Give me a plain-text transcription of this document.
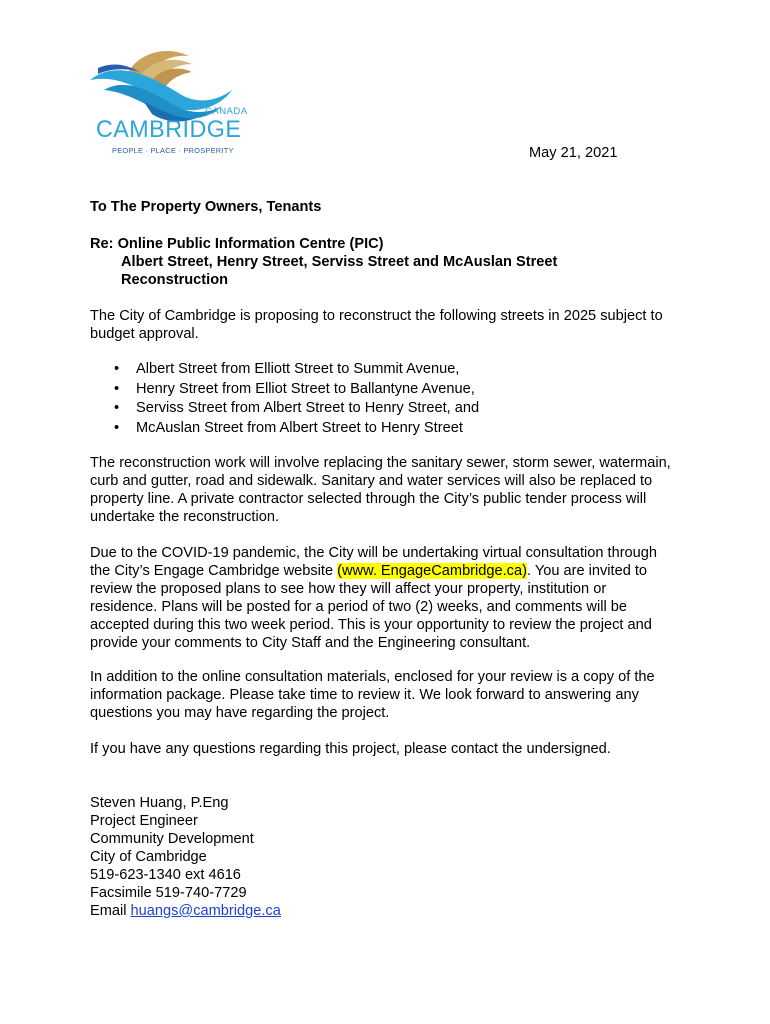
CANADA
CAMBRIDGE
PEOPLE · PLACE · PROSPERITY	May 21, 2021
To The Property Owners, Tenants
Re: Online Public Information Centre (PIC)
Albert Street, Henry Street, Serviss Street and McAuslan Street
Reconstruction
The City of Cambridge is proposing to reconstruct the following streets in 2025 subject to budget approval.
• Albert Street from Elliott Street to Summit Avenue,
• Henry Street from Elliot Street to Ballantyne Avenue,
• Serviss Street from Albert Street to Henry Street, and
• McAuslan Street from Albert Street to Henry Street
The reconstruction work will involve replacing the sanitary sewer, storm sewer, watermain, curb and gutter, road and sidewalk. Sanitary and water services will also be replaced to property line. A private contractor selected through the City’s public tender process will undertake the reconstruction.
Due to the COVID-19 pandemic, the City will be undertaking virtual consultation through the City’s Engage Cambridge website (www. EngageCambridge.ca). You are invited to review the proposed plans to see how they will affect your property, institution or residence. Plans will be posted for a period of two (2) weeks, and comments will be accepted during this two week period. This is your opportunity to review the project and provide your comments to City Staff and the Engineering consultant.
In addition to the online consultation materials, enclosed for your review is a copy of the information package. Please take time to review it. We look forward to answering any questions you may have regarding the project.
If you have any questions regarding this project, please contact the undersigned.
Steven Huang, P.Eng
Project Engineer
Community Development
City of Cambridge
519-623-1340 ext 4616
Facsimile 519-740-7729
Email huangs@cambridge.ca
